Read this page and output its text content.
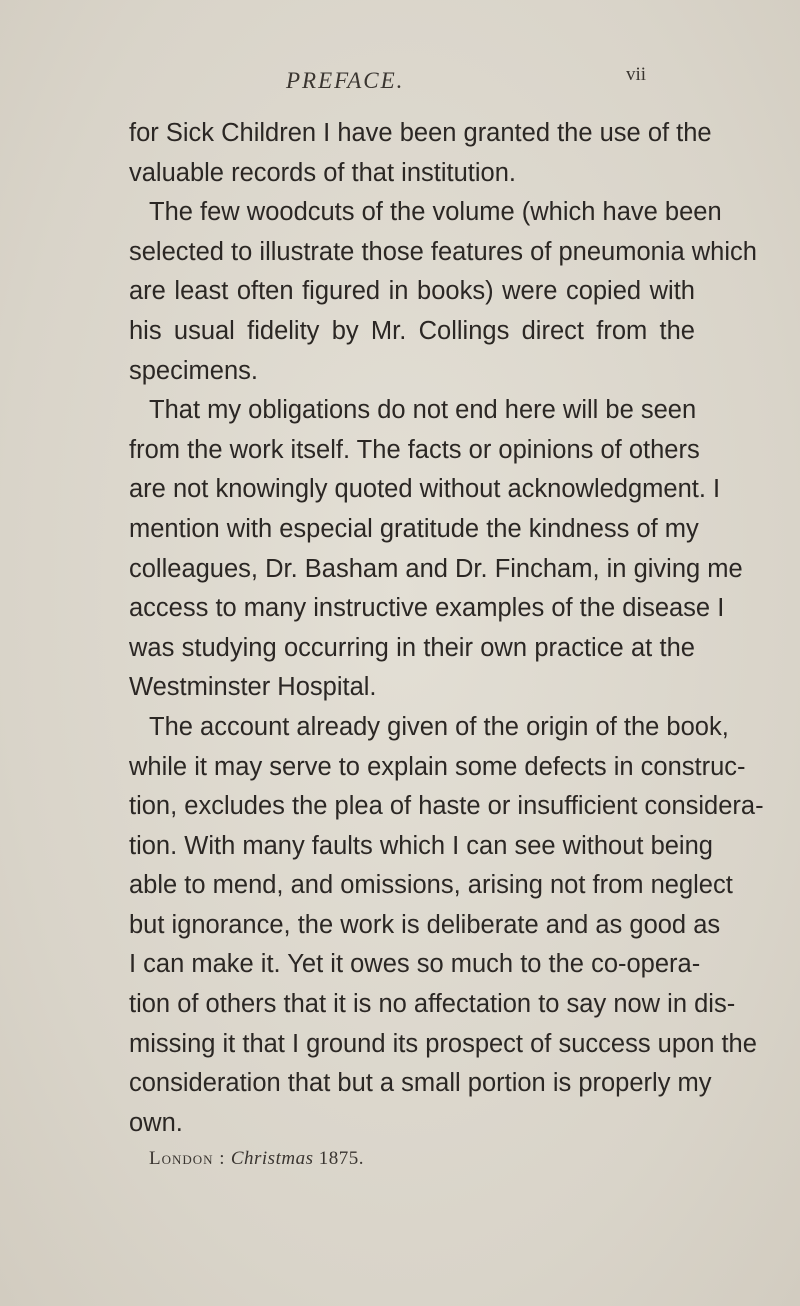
PREFACE.	vii
for Sick Children I have been granted the use of the
valuable records of that institution.
The few woodcuts of the volume (which have been
selected to illustrate those features of pneumonia which
are least often figured in books) were copied with
his usual fidelity by Mr. Collings direct from the
specimens.
That my obligations do not end here will be seen
from the work itself. The facts or opinions of others
are not knowingly quoted without acknowledgment. I
mention with especial gratitude the kindness of my
colleagues, Dr. Basham and Dr. Fincham, in giving me
access to many instructive examples of the disease I
was studying occurring in their own practice at the
Westminster Hospital.
The account already given of the origin of the book,
while it may serve to explain some defects in construc-
tion, excludes the plea of haste or insufficient considera-
tion. With many faults which I can see without being
able to mend, and omissions, arising not from neglect
but ignorance, the work is deliberate and as good as
I can make it. Yet it owes so much to the co-opera-
tion of others that it is no affectation to say now in dis-
missing it that I ground its prospect of success upon the
consideration that but a small portion is properly my
own.
London : Christmas 1875.
